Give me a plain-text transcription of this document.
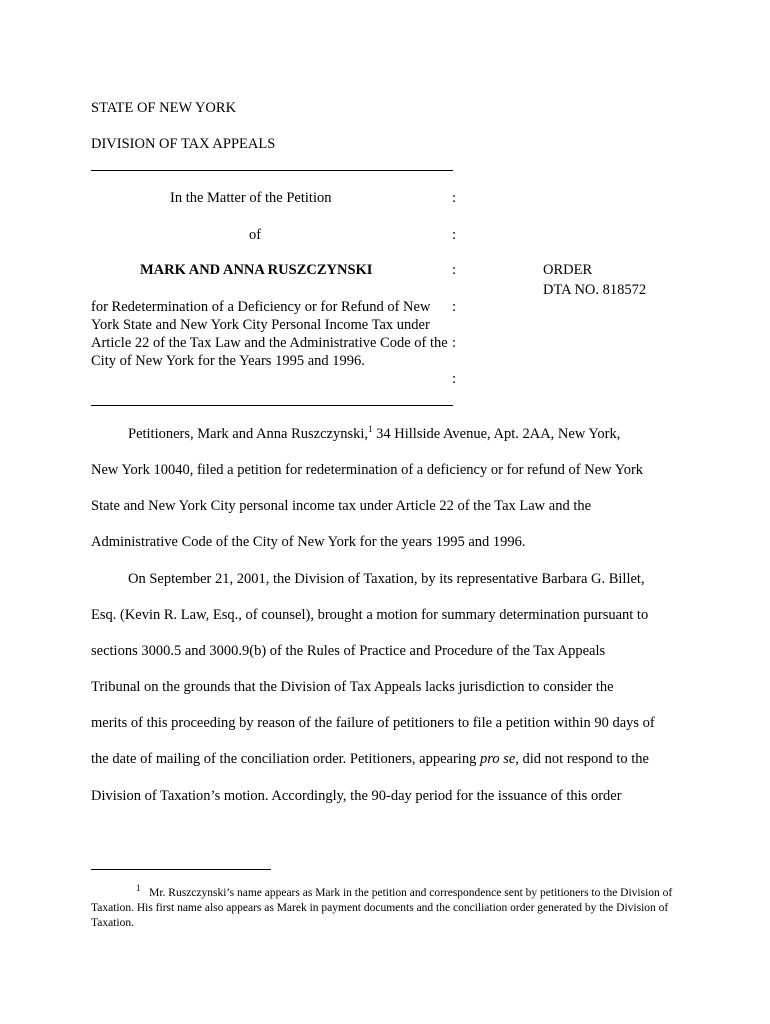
STATE OF NEW YORK
DIVISION OF TAX APPEALS
In the Matter of the Petition	:
of	:
MARK AND ANNA RUSZCZYNSKI	:	ORDER
DTA NO. 818572
for Redetermination of a Deficiency or for Refund of New York State and New York City Personal Income Tax under Article 22 of the Tax Law and the Administrative Code of the City of New York for the Years 1995 and 1996.
:
:
:
Petitioners, Mark and Anna Ruszczynski,$^1$ 34 Hillside Avenue, Apt. 2AA, New York,
New York 10040, filed a petition for redetermination of a deficiency or for refund of New York
State and New York City personal income tax under Article 22 of the Tax Law and the
Administrative Code of the City of New York for the years 1995 and 1996.
On September 21, 2001, the Division of Taxation, by its representative Barbara G. Billet,
Esq. (Kevin R. Law, Esq., of counsel), brought a motion for summary determination pursuant to
sections 3000.5 and 3000.9(b) of the Rules of Practice and Procedure of the Tax Appeals
Tribunal on the grounds that the Division of Tax Appeals lacks jurisdiction to consider the
merits of this proceeding by reason of the failure of petitioners to file a petition within 90 days of
the date of mailing of the conciliation order. Petitioners, appearing pro se, did not respond to the
Division of Taxation’s motion. Accordingly, the 90-day period for the issuance of this order
$^1$ Mr. Ruszczynski’s name appears as Mark in the petition and correspondence sent by petitioners to the Division of Taxation. His first name also appears as Marek in payment documents and the conciliation order generated by the Division of Taxation.
